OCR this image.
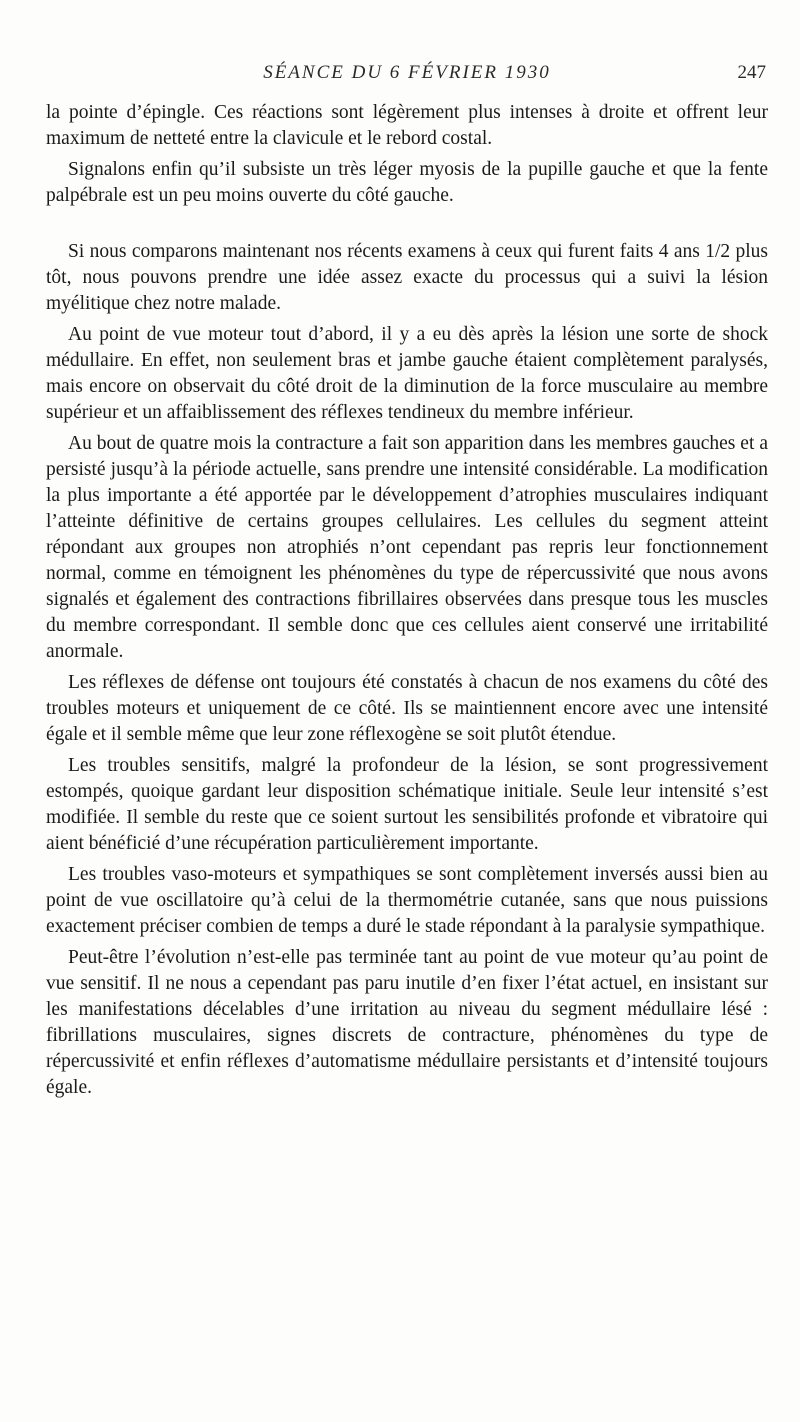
SÉANCE DU 6 FÉVRIER 1930	247

la pointe d’épingle. Ces réactions sont légèrement plus intenses à droite et offrent leur maximum de netteté entre la clavicule et le rebord costal.

Signalons enfin qu’il subsiste un très léger myosis de la pupille gauche et que la fente palpébrale est un peu moins ouverte du côté gauche.

Si nous comparons maintenant nos récents examens à ceux qui furent faits 4 ans 1/2 plus tôt, nous pouvons prendre une idée assez exacte du processus qui a suivi la lésion myélitique chez notre malade.

Au point de vue moteur tout d’abord, il y a eu dès après la lésion une sorte de shock médullaire. En effet, non seulement bras et jambe gauche étaient complètement paralysés, mais encore on observait du côté droit de la diminution de la force musculaire au membre supérieur et un affaiblissement des réflexes tendineux du membre inférieur.

Au bout de quatre mois la contracture a fait son apparition dans les membres gauches et a persisté jusqu’à la période actuelle, sans prendre une intensité considérable. La modification la plus importante a été apportée par le développement d’atrophies musculaires indiquant l’atteinte définitive de certains groupes cellulaires. Les cellules du segment atteint répondant aux groupes non atrophiés n’ont cependant pas repris leur fonctionnement normal, comme en témoignent les phénomènes du type de répercussivité que nous avons signalés et également des contractions fibrillaires observées dans presque tous les muscles du membre correspondant. Il semble donc que ces cellules aient conservé une irritabilité anormale.

Les réflexes de défense ont toujours été constatés à chacun de nos examens du côté des troubles moteurs et uniquement de ce côté. Ils se maintiennent encore avec une intensité égale et il semble même que leur zone réflexogène se soit plutôt étendue.

Les troubles sensitifs, malgré la profondeur de la lésion, se sont progressivement estompés, quoique gardant leur disposition schématique initiale. Seule leur intensité s’est modifiée. Il semble du reste que ce soient surtout les sensibilités profonde et vibratoire qui aient bénéficié d’une récupération particulièrement importante.

Les troubles vaso-moteurs et sympathiques se sont complètement inversés aussi bien au point de vue oscillatoire qu’à celui de la thermométrie cutanée, sans que nous puissions exactement préciser combien de temps a duré le stade répondant à la paralysie sympathique.

Peut-être l’évolution n’est-elle pas terminée tant au point de vue moteur qu’au point de vue sensitif. Il ne nous a cependant pas paru inutile d’en fixer l’état actuel, en insistant sur les manifestations décelables d’une irritation au niveau du segment médullaire lésé : fibrillations musculaires, signes discrets de contracture, phénomènes du type de répercussivité et enfin réflexes d’automatisme médullaire persistants et d’intensité toujours égale.
